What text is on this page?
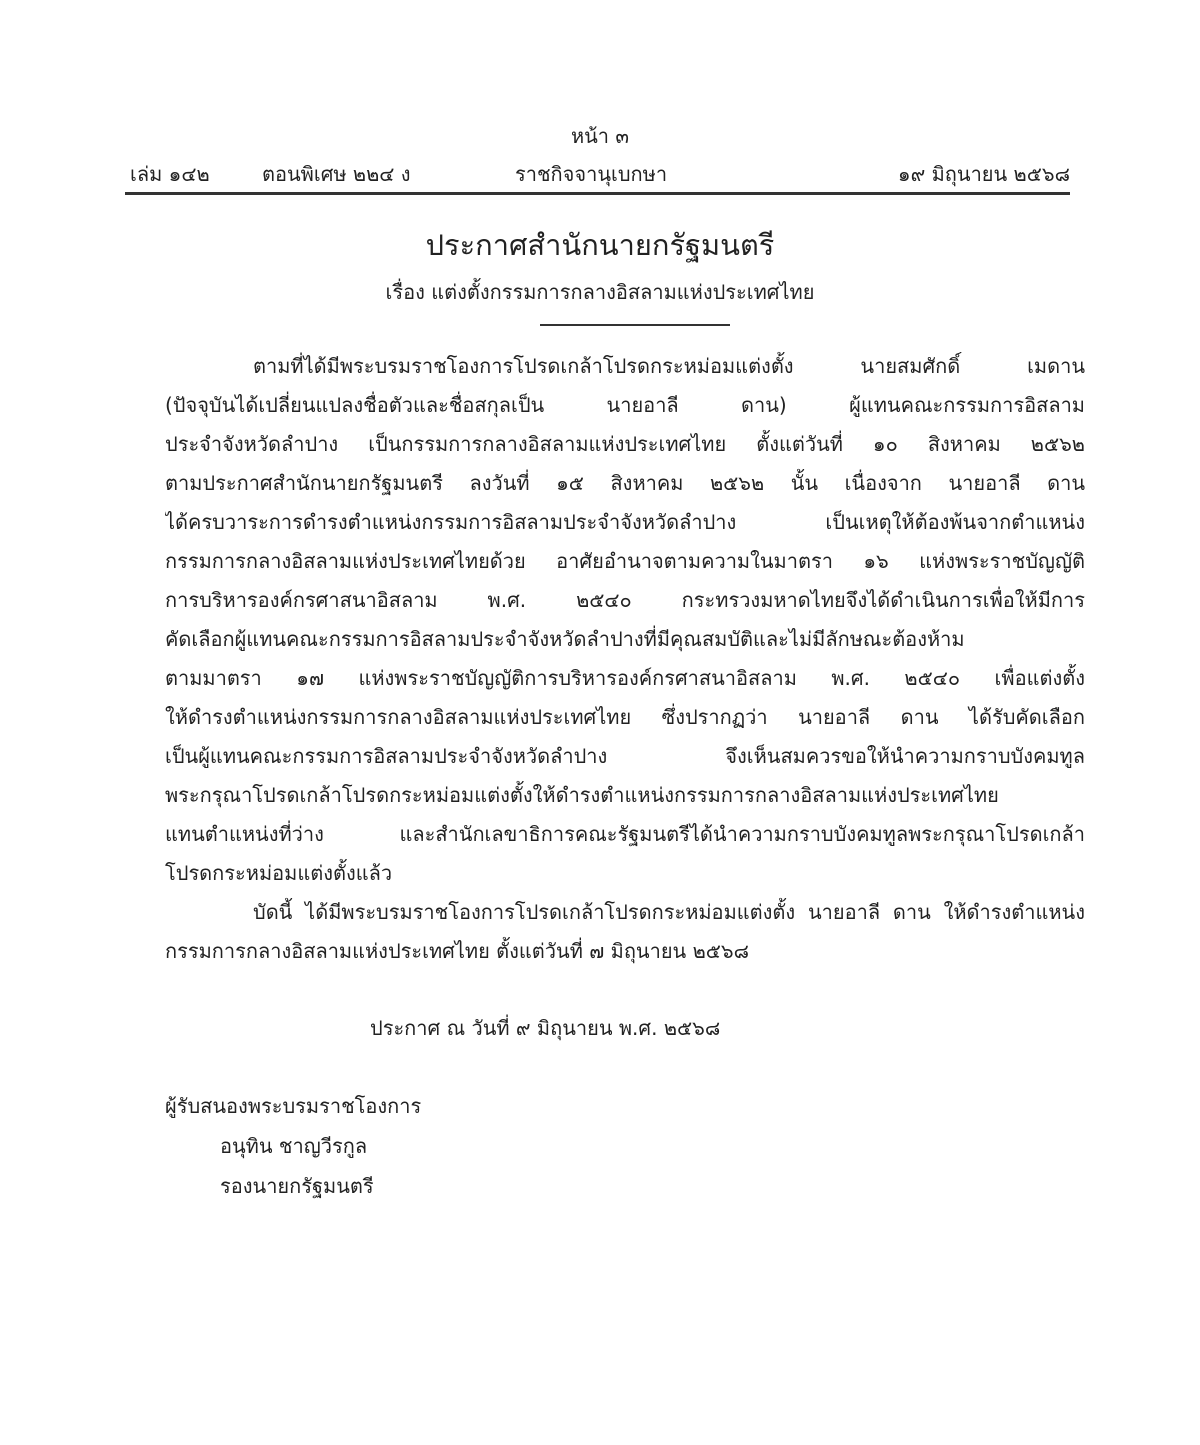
หน้า ๓
เล่ม ๑๔๒	ตอนพิเศษ ๒๒๔ ง	ราชกิจจานุเบกษา	๑๙ มิถุนายน ๒๕๖๘
ประกาศสำนักนายกรัฐมนตรี
เรื่อง แต่งตั้งกรรมการกลางอิสลามแห่งประเทศไทย
ตามที่ได้มีพระบรมราชโองการโปรดเกล้าโปรดกระหม่อมแต่งตั้ง นายสมศักดิ์ เมดาน
(ปัจจุบันได้เปลี่ยนแปลงชื่อตัวและชื่อสกุลเป็น นายอาลี ดาน) ผู้แทนคณะกรรมการอิสลาม
ประจำจังหวัดลำปาง เป็นกรรมการกลางอิสลามแห่งประเทศไทย ตั้งแต่วันที่ ๑๐ สิงหาคม ๒๕๖๒
ตามประกาศสำนักนายกรัฐมนตรี ลงวันที่ ๑๕ สิงหาคม ๒๕๖๒ นั้น เนื่องจาก นายอาลี ดาน
ได้ครบวาระการดำรงตำแหน่งกรรมการอิสลามประจำจังหวัดลำปาง เป็นเหตุให้ต้องพ้นจากตำแหน่ง
กรรมการกลางอิสลามแห่งประเทศไทยด้วย อาศัยอำนาจตามความในมาตรา ๑๖ แห่งพระราชบัญญัติ
การบริหารองค์กรศาสนาอิสลาม พ.ศ. ๒๕๔๐ กระทรวงมหาดไทยจึงได้ดำเนินการเพื่อให้มีการ
คัดเลือกผู้แทนคณะกรรมการอิสลามประจำจังหวัดลำปางที่มีคุณสมบัติและไม่มีลักษณะต้องห้าม
ตามมาตรา ๑๗ แห่งพระราชบัญญัติการบริหารองค์กรศาสนาอิสลาม พ.ศ. ๒๕๔๐ เพื่อแต่งตั้ง
ให้ดำรงตำแหน่งกรรมการกลางอิสลามแห่งประเทศไทย ซึ่งปรากฏว่า นายอาลี ดาน ได้รับคัดเลือก
เป็นผู้แทนคณะกรรมการอิสลามประจำจังหวัดลำปาง จึงเห็นสมควรขอให้นำความกราบบังคมทูล
พระกรุณาโปรดเกล้าโปรดกระหม่อมแต่งตั้งให้ดำรงตำแหน่งกรรมการกลางอิสลามแห่งประเทศไทย
แทนตำแหน่งที่ว่าง และสำนักเลขาธิการคณะรัฐมนตรีได้นำความกราบบังคมทูลพระกรุณาโปรดเกล้า
โปรดกระหม่อมแต่งตั้งแล้ว
บัดนี้ ได้มีพระบรมราชโองการโปรดเกล้าโปรดกระหม่อมแต่งตั้ง นายอาลี ดาน ให้ดำรงตำแหน่ง
กรรมการกลางอิสลามแห่งประเทศไทย ตั้งแต่วันที่ ๗ มิถุนายน ๒๕๖๘
ประกาศ ณ วันที่ ๙ มิถุนายน พ.ศ. ๒๕๖๘
ผู้รับสนองพระบรมราชโองการ
อนุทิน ชาญวีรกูล
รองนายกรัฐมนตรี
